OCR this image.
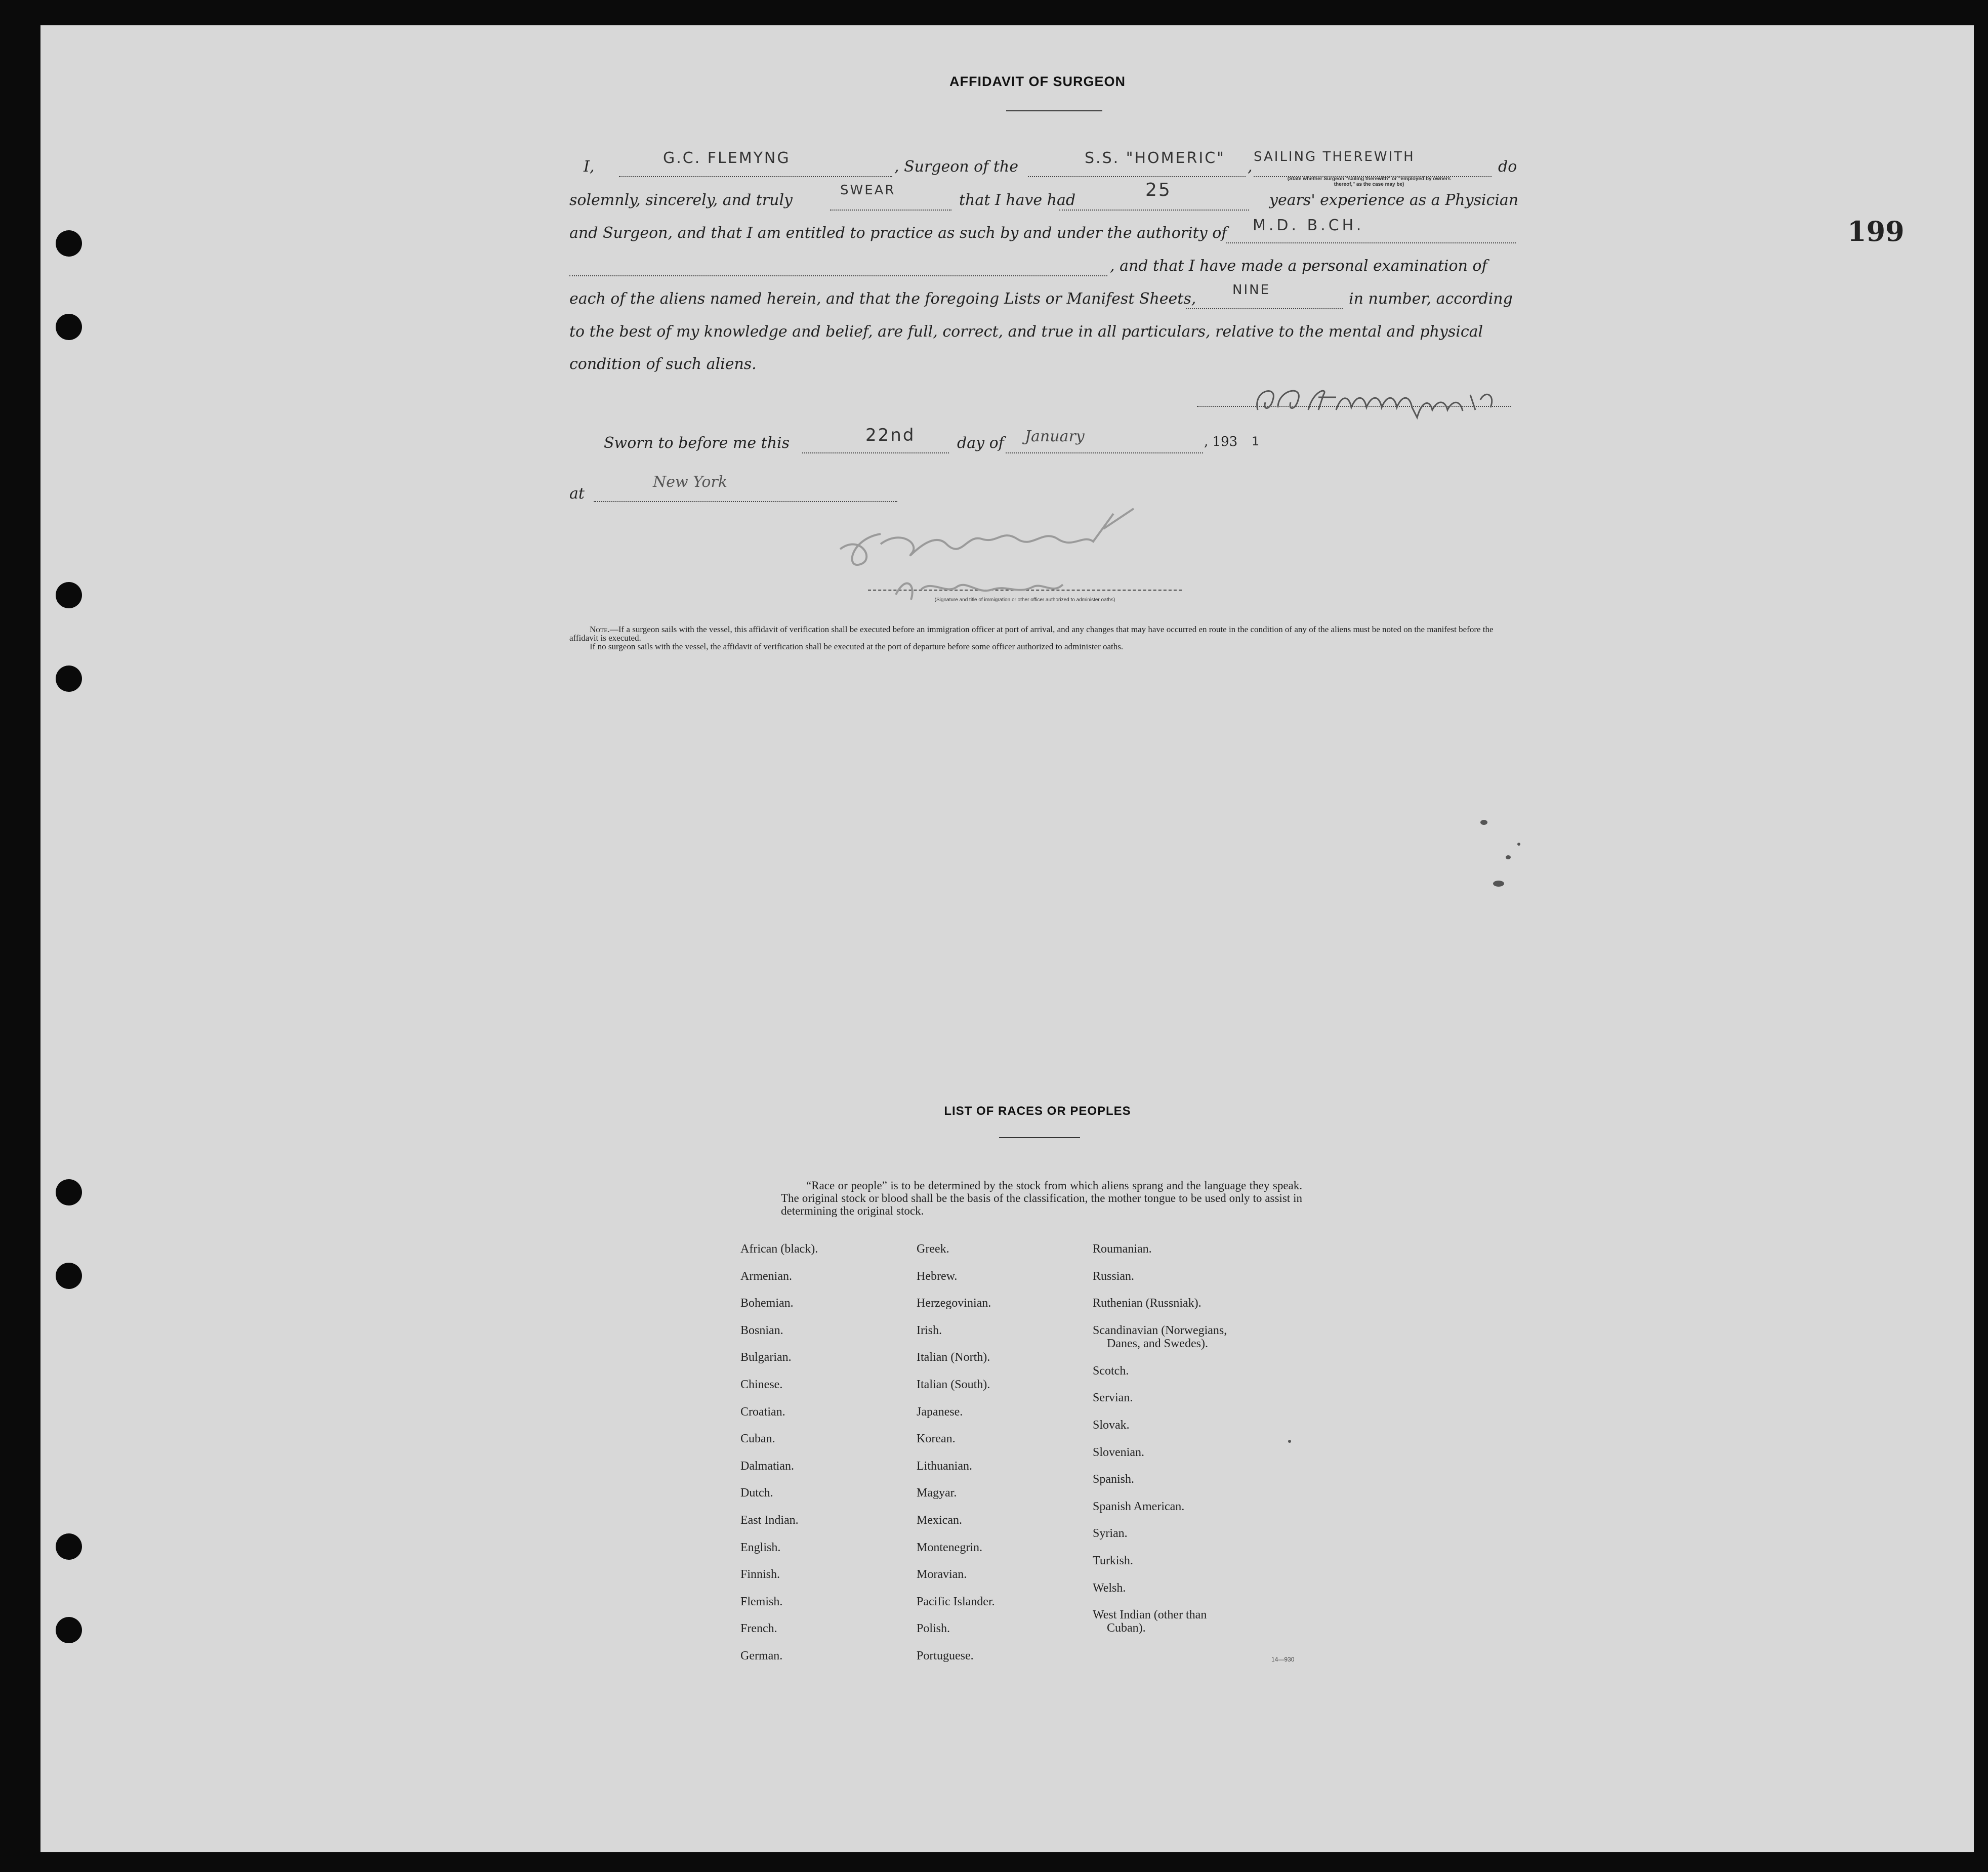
199
AFFIDAVIT OF SURGEON
I,	G.C. FLEMYNG	, Surgeon of the	S.S. "HOMERIC" ,
SAILING THEREWITH
do
(State whether Surgeon "sailing therewith" or "employed by owners thereof," as the case may be)
solemnly, sincerely, and truly
SWEAR
that I have had	25	years' experience as a Physician
and Surgeon, and that I am entitled to practice as such by and under the authority of M.D. B.CH.
, and that I have made a personal examination of
each of the aliens named herein, and that the foregoing Lists or Manifest Sheets,	NINE	in number, according
to the best of my knowledge and belief, are full, correct, and true in all particulars, relative to the mental and physical
condition of such aliens.
Sworn to before me this	22nd	day of January	, 193 1
at
New York
(Signature and title of immigration or other officer authorized to administer oaths)

Note.—If a surgeon sails with the vessel, this affidavit of verification shall be executed before an immigration officer at port of arrival, and any changes that may have occurred en route in the condition of any of the aliens must be noted on the manifest before the affidavit is executed.

If no surgeon sails with the vessel, the affidavit of verification shall be executed at the port of departure before some officer authorized to administer oaths.

LIST OF RACES OR PEOPLES
“Race or people” is to be determined by the stock from which aliens sprang and the language they speak. The original stock or blood shall be the basis of the classification, the mother tongue to be used only to assist in determining the original stock.
African (black).
Armenian.
Bohemian.
Bosnian.
Bulgarian.
Chinese.
Croatian.
Cuban.
Dalmatian.
Dutch.
East Indian.
English.
Finnish.
Flemish.
French.
German.
Greek.
Hebrew.
Herzegovinian.
Irish.
Italian (North).
Italian (South).
Japanese.
Korean.
Lithuanian.
Magyar.
Mexican.
Montenegrin.
Moravian.
Pacific Islander.
Polish.
Portuguese.
Roumanian.
Russian.
Ruthenian (Russniak).
Scandinavian (Norwegians,
Danes, and Swedes).
Scotch.
Servian.
Slovak.
Slovenian.
Spanish.
Spanish American.
Syrian.
Turkish.
Welsh.
West Indian (other than
Cuban).
14—930
